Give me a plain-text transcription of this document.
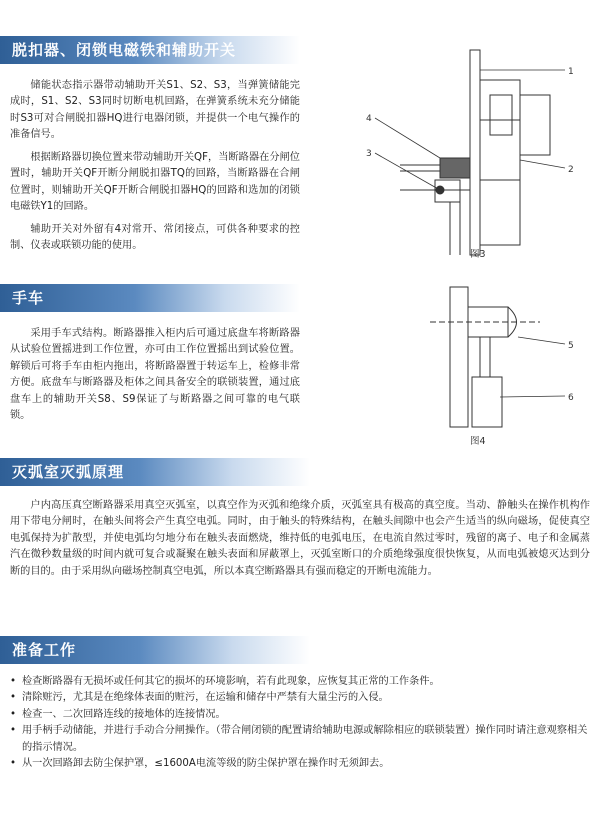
脱扣器、闭锁电磁铁和辅助开关

储能状态指示器带动辅助开关S1、S2、S3，当弹簧储能完成时，S1、S2、S3同时切断电机回路，在弹簧系统未充分储能时S3可对合闸脱扣器HQ进行电器闭锁，并提供一个电气操作的准备信号。

根据断路器切换位置来带动辅助开关QF，当断路器在分闸位置时，辅助开关QF开断分闸脱扣器TQ的回路，当断路器在合闸位置时，则辅助开关QF开断合闸脱扣器HQ的回路和选加的闭锁电磁铁Y1的回路。

辅助开关对外留有4对常开、常闭接点，可供各种要求的控制、仪表或联锁功能的使用。

1
2
3
4
图3
手车

采用手车式结构。断路器推入柜内后可通过底盘车将断路器从试验位置摇进到工作位置，亦可由工作位置摇出到试验位置。解锁后可将手车由柜内拖出，将断路器置于转运车上，检修非常方便。底盘车与断路器及柜体之间具备安全的联锁装置，通过底盘车上的辅助开关S8、S9保证了与断路器之间可靠的电气联锁。

5
6
图4
灭弧室灭弧原理

户内高压真空断路器采用真空灭弧室，以真空作为灭弧和绝缘介质，灭弧室具有极高的真空度。当动、静触头在操作机构作用下带电分闸时，在触头间将会产生真空电弧。同时，由于触头的特殊结构，在触头间隙中也会产生适当的纵向磁场，促使真空电弧保持为扩散型，并使电弧均匀地分布在触头表面燃烧，维持低的电弧电压，在电流自然过零时，残留的离子、电子和金属蒸汽在微秒数量级的时间内就可复合或凝聚在触头表面和屏蔽罩上，灭弧室断口的介质绝缘强度很快恢复，从而电弧被熄灭达到分断的目的。由于采用纵向磁场控制真空电弧，所以本真空断路器具有强而稳定的开断电流能力。

准备工作
• 检查断路器有无损坏或任何其它的损坏的环境影响，若有此现象，应恢复其正常的工作条件。
• 清除赃污，尤其是在绝缘体表面的赃污，在运输和储存中严禁有大量尘污的入侵。
• 检查一、二次回路连线的接地体的连接情况。
• 用手柄手动储能，并进行手动合分闸操作。（带合闸闭锁的配置请给辅助电源或解除相应的联锁装置）操作同时请注意观察相关的指示情况。
• 从一次回路卸去防尘保护罩，≤1600A电流等级的防尘保护罩在操作时无须卸去。
